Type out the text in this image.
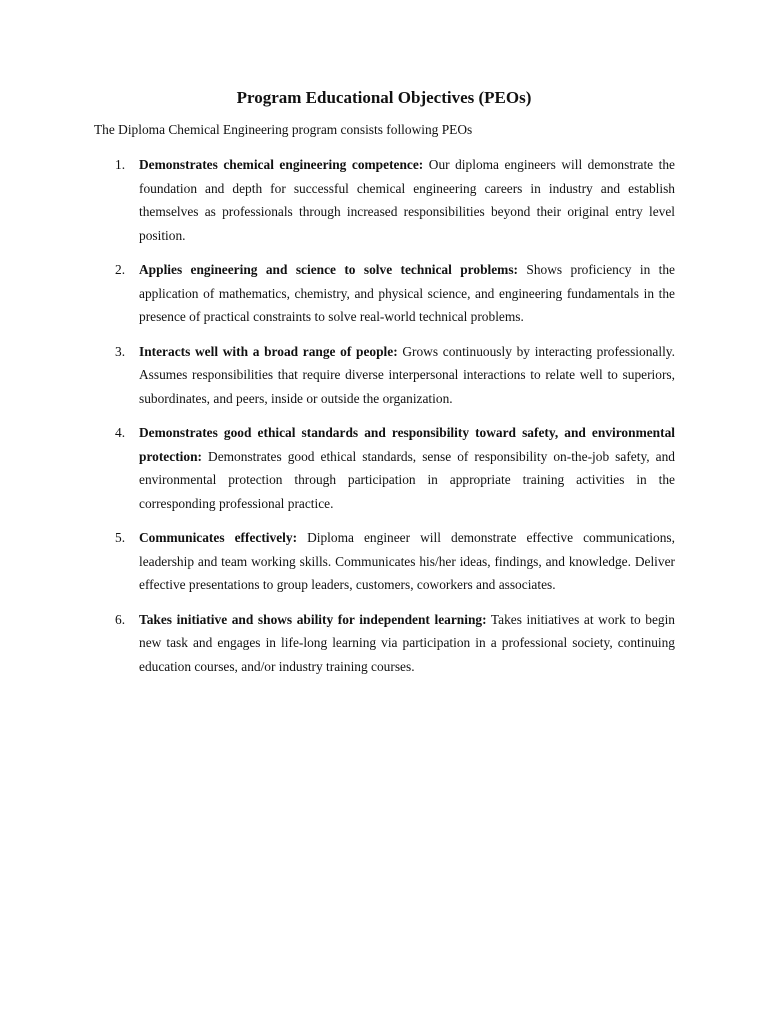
Program Educational Objectives (PEOs)

The Diploma Chemical Engineering program consists following PEOs

1. Demonstrates chemical engineering competence: Our diploma engineers will demonstrate the foundation and depth for successful chemical engineering careers in industry and establish themselves as professionals through increased responsibilities beyond their original entry level position.

2. Applies engineering and science to solve technical problems: Shows proficiency in the application of mathematics, chemistry, and physical science, and engineering fundamentals in the presence of practical constraints to solve real-world technical problems.

3. Interacts well with a broad range of people: Grows continuously by interacting professionally. Assumes responsibilities that require diverse interpersonal interactions to relate well to superiors, subordinates, and peers, inside or outside the organization.

4. Demonstrates good ethical standards and responsibility toward safety, and environmental protection: Demonstrates good ethical standards, sense of responsibility on-the-job safety, and environmental protection through participation in appropriate training activities in the corresponding professional practice.

5. Communicates effectively: Diploma engineer will demonstrate effective communications, leadership and team working skills. Communicates his/her ideas, findings, and knowledge. Deliver effective presentations to group leaders, customers, coworkers and associates.

6. Takes initiative and shows ability for independent learning: Takes initiatives at work to begin new task and engages in life-long learning via participation in a professional society, continuing education courses, and/or industry training courses.
